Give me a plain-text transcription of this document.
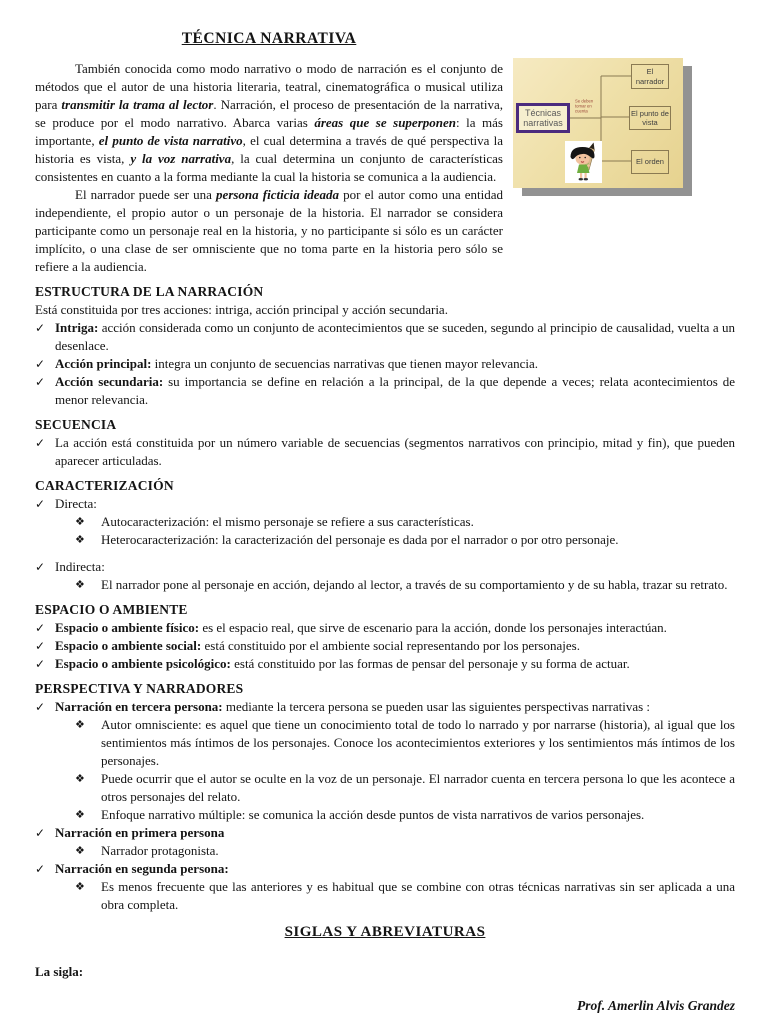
Técnicas narrativas
Se deben tomar en cuenta
El narrador
El punto de vista
El orden
TÉCNICA NARRATIVA

También conocida como modo narrativo o modo de narración es el conjunto de métodos que el autor de una historia literaria, teatral, cinematográfica o musical utiliza para transmitir la trama al lector. Narración, el proceso de presentación de la narrativa, se produce por el modo narrativo. Abarca varias áreas que se superponen: la más importante, el punto de vista narrativo, el cual determina a través de qué perspectiva la historia es vista, y la voz narrativa, la cual determina un conjunto de características consistentes en cuanto a la forma mediante la cual la historia se comunica a la audiencia.

El narrador puede ser una persona ficticia ideada por el autor como una entidad independiente, el propio autor o un personaje de la historia. El narrador se considera participante como un personaje real en la historia, y no participante si sólo es un carácter implícito, o una clase de ser omnisciente que no toma parte en la historia pero sólo se refiere a la audiencia.

ESTRUCTURA DE LA NARRACIÓN

Está constituida por tres acciones: intriga, acción principal y acción secundaria.

✓ Intriga: acción considerada como un conjunto de acontecimientos que se suceden, segundo al principio de causalidad, vuelta a un desenlace.
✓ Acción principal: integra un conjunto de secuencias narrativas que tienen mayor relevancia.
✓ Acción secundaria: su importancia se define en relación a la principal, de la que depende a veces; relata acontecimientos de menor relevancia.
SECUENCIA
✓ La acción está constituida por un número variable de secuencias (segmentos narrativos con principio, mitad y fin), que pueden aparecer articuladas.
CARACTERIZACIÓN
✓ Directa:
❖	Autocaracterización: el mismo personaje se refiere a sus características.
❖	Heterocaracterización: la caracterización del personaje es dada por el narrador o por otro personaje.
✓ Indirecta:
❖	El narrador pone al personaje en acción, dejando al lector, a través de su comportamiento y de su habla, trazar su retrato.
ESPACIO O AMBIENTE
✓ Espacio o ambiente físico: es el espacio real, que sirve de escenario para la acción, donde los personajes interactúan.
✓ Espacio o ambiente social: está constituido por el ambiente social representando por los personajes.
✓ Espacio o ambiente psicológico: está constituido por las formas de pensar del personaje y su forma de actuar.
PERSPECTIVA Y NARRADORES
✓ Narración en tercera persona: mediante la tercera persona se pueden usar las siguientes perspectivas narrativas :
❖	Autor omnisciente: es aquel que tiene un conocimiento total de todo lo narrado y por narrarse (historia), al igual que los sentimientos más íntimos de los personajes. Conoce los acontecimientos exteriores y los sentimientos más íntimos de los personajes.
❖	Puede ocurrir que el autor se oculte en la voz de un personaje. El narrador cuenta en tercera persona lo que les acontece a otros personajes del relato.
❖	Enfoque narrativo múltiple: se comunica la acción desde puntos de vista narrativos de varios personajes.
✓ Narración en primera persona
❖	Narrador protagonista.
✓ Narración en segunda persona:
❖	Es menos frecuente que las anteriores y es habitual que se combine con otras técnicas narrativas sin ser aplicada a una obra completa.
SIGLAS Y ABREVIATURAS

La sigla:

Prof. Amerlin Alvis Grandez
